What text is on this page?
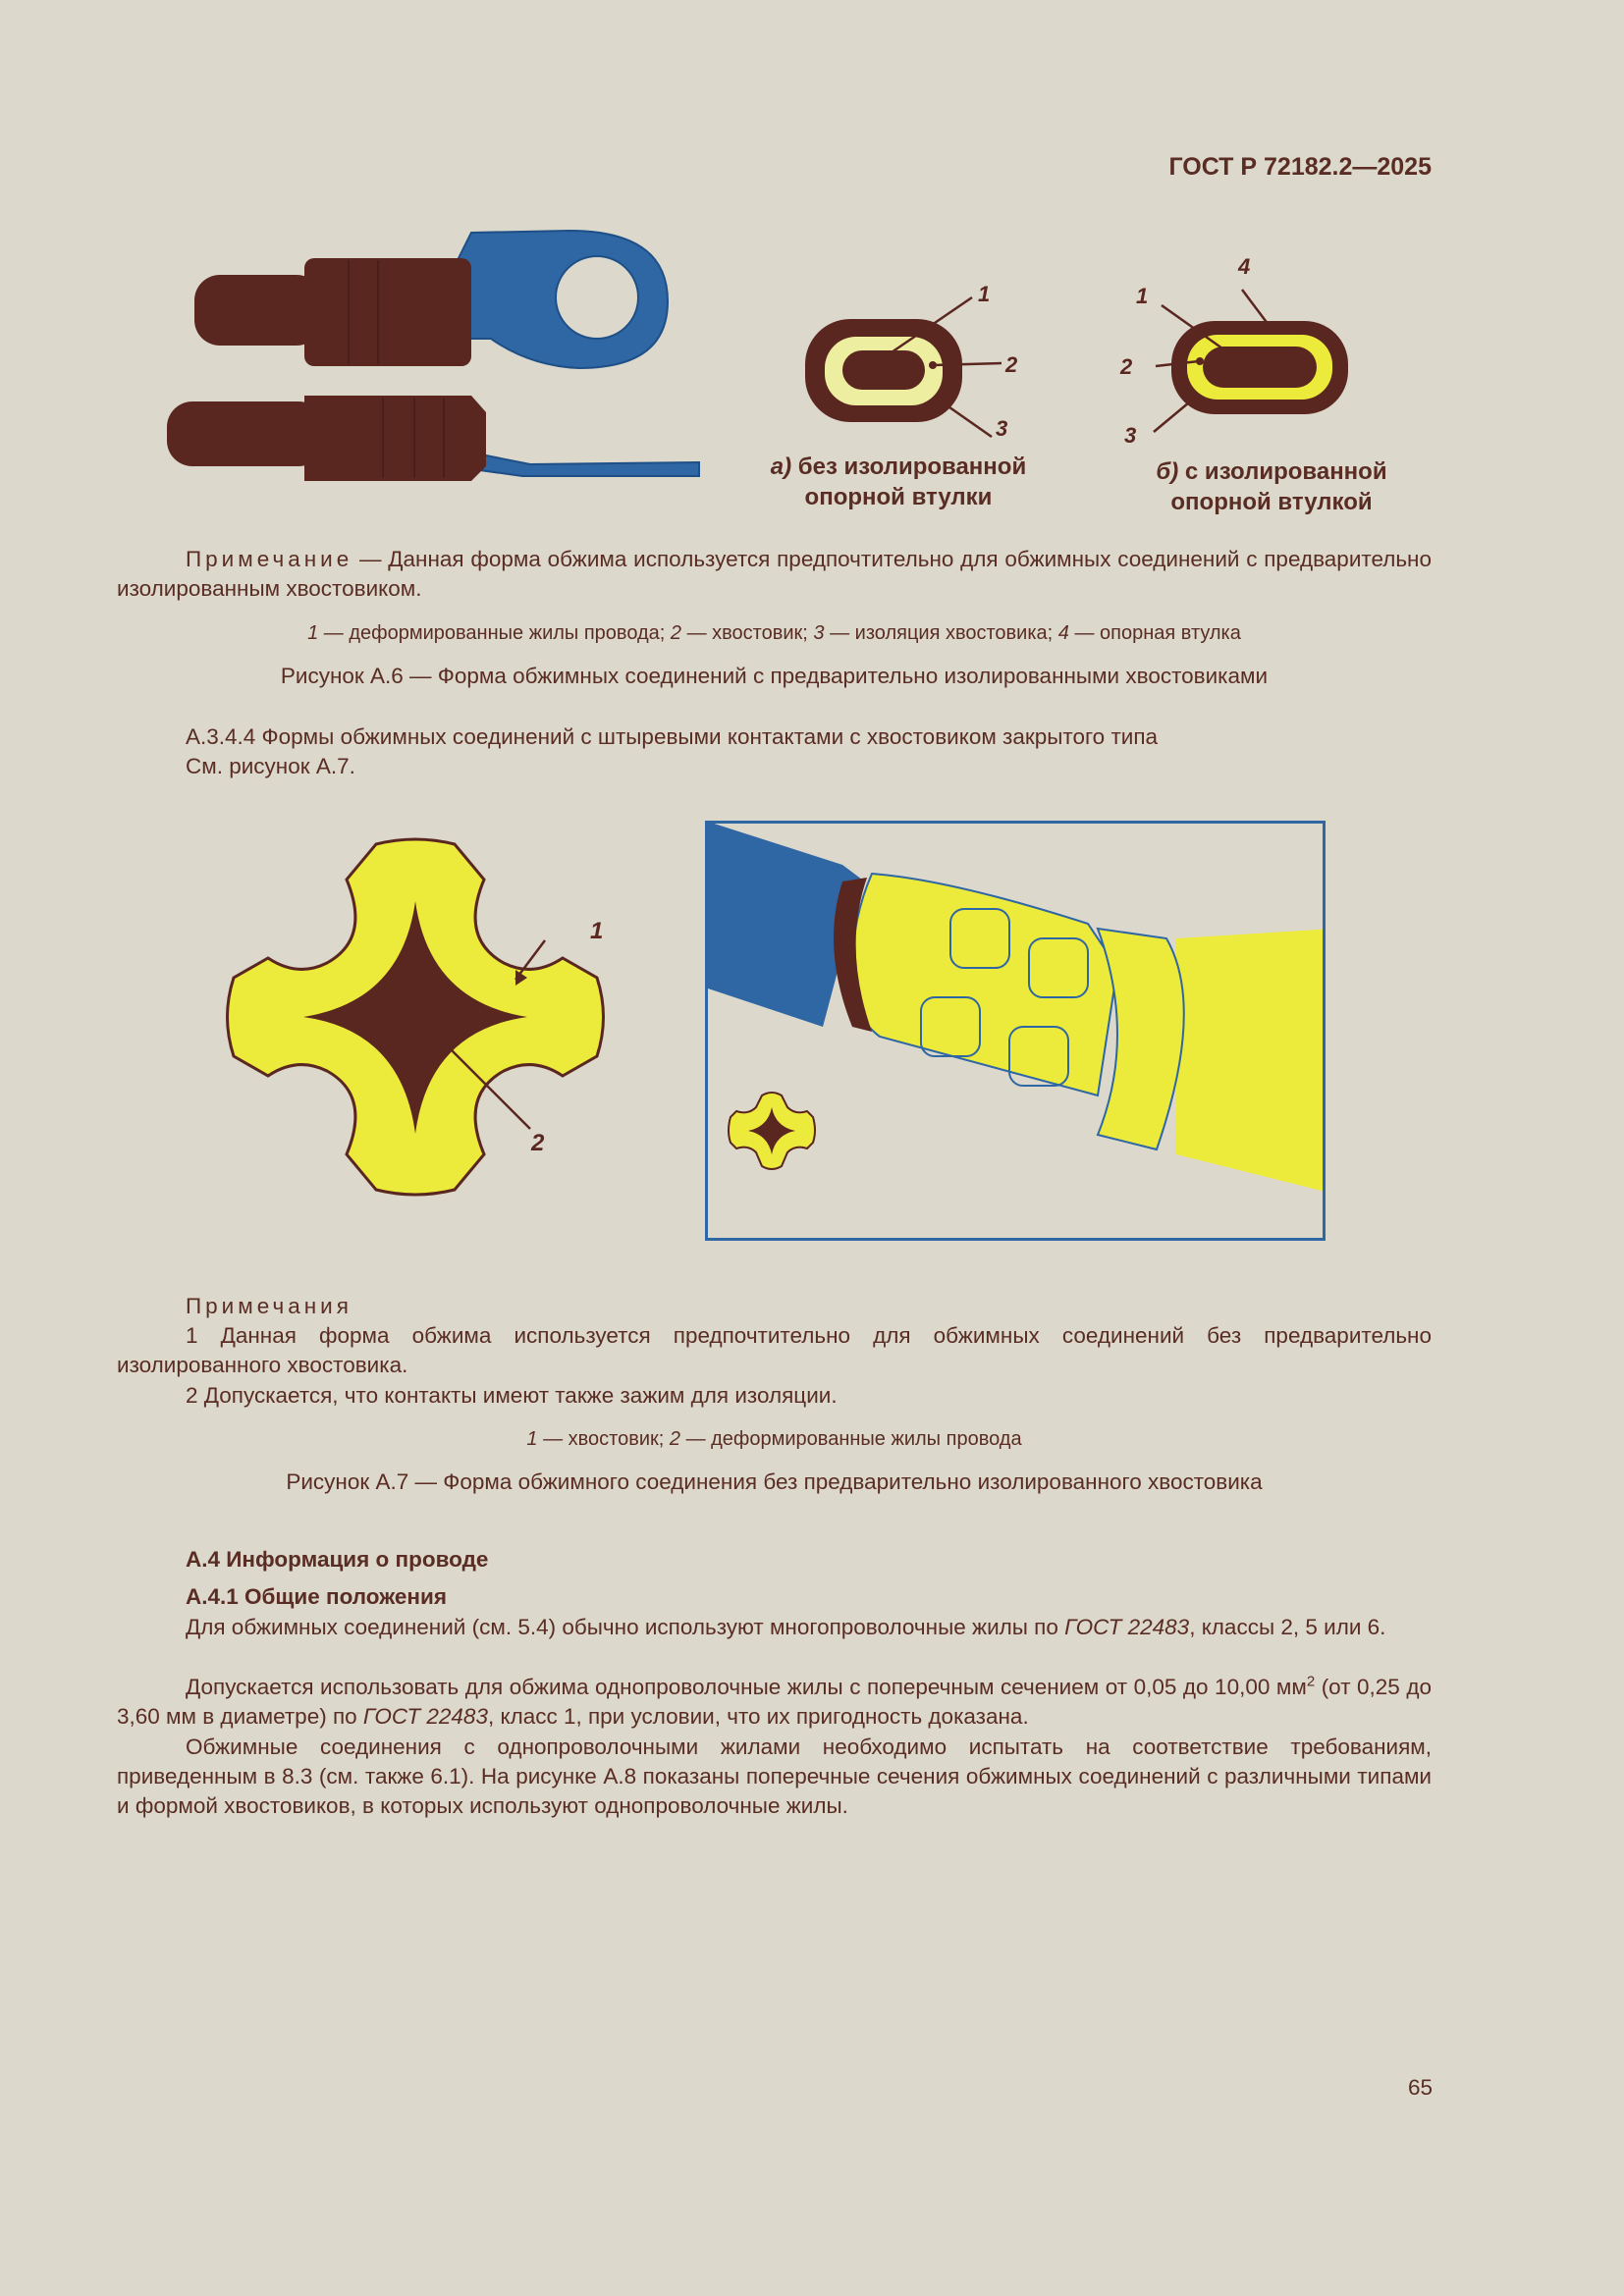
ГОСТ Р 72182.2—2025
1
2
3
4
1
2
3
а) без изолированной
опорной втулки
б) с изолированной
опорной втулкой

Примечание — Данная форма обжима используется предпочтительно для обжимных соединений с предварительно изолированным хвостовиком.

1 — деформированные жилы провода; 2 — хвостовик; 3 — изоляция хвостовика; 4 — опорная втулка
Рисунок А.6 — Форма обжимных соединений с предварительно изолированными хвостовиками
А.3.4.4 Формы обжимных соединений с штыревыми контактами с хвостовиком закрытого типа
См. рисунок А.7.
1
2
Примечания

1 Данная форма обжима используется предпочтительно для обжимных соединений без предварительно изолированного хвостовика.

2 Допускается, что контакты имеют также зажим для изоляции.

1 — хвостовик; 2 — деформированные жилы провода
Рисунок А.7 — Форма обжимного соединения без предварительно изолированного хвостовика
А.4 Информация о проводе
А.4.1 Общие положения

Для обжимных соединений (см. 5.4) обычно используют многопроволочные жилы по ГОСТ 22483, классы 2, 5 или 6.

Допускается использовать для обжима однопроволочные жилы с поперечным сечением от 0,05 до 10,00 $мм^2$ (от 0,25 до 3,60 мм в диаметре) по ГОСТ 22483, класс 1, при условии, что их пригодность доказана.

Обжимные соединения с однопроволочными жилами необходимо испытать на соответствие требованиям, приведенным в 8.3 (см. также 6.1). На рисунке А.8 показаны поперечные сечения обжимных соединений с различными типами и формой хвостовиков, в которых используют однопроволочные жилы.

65
